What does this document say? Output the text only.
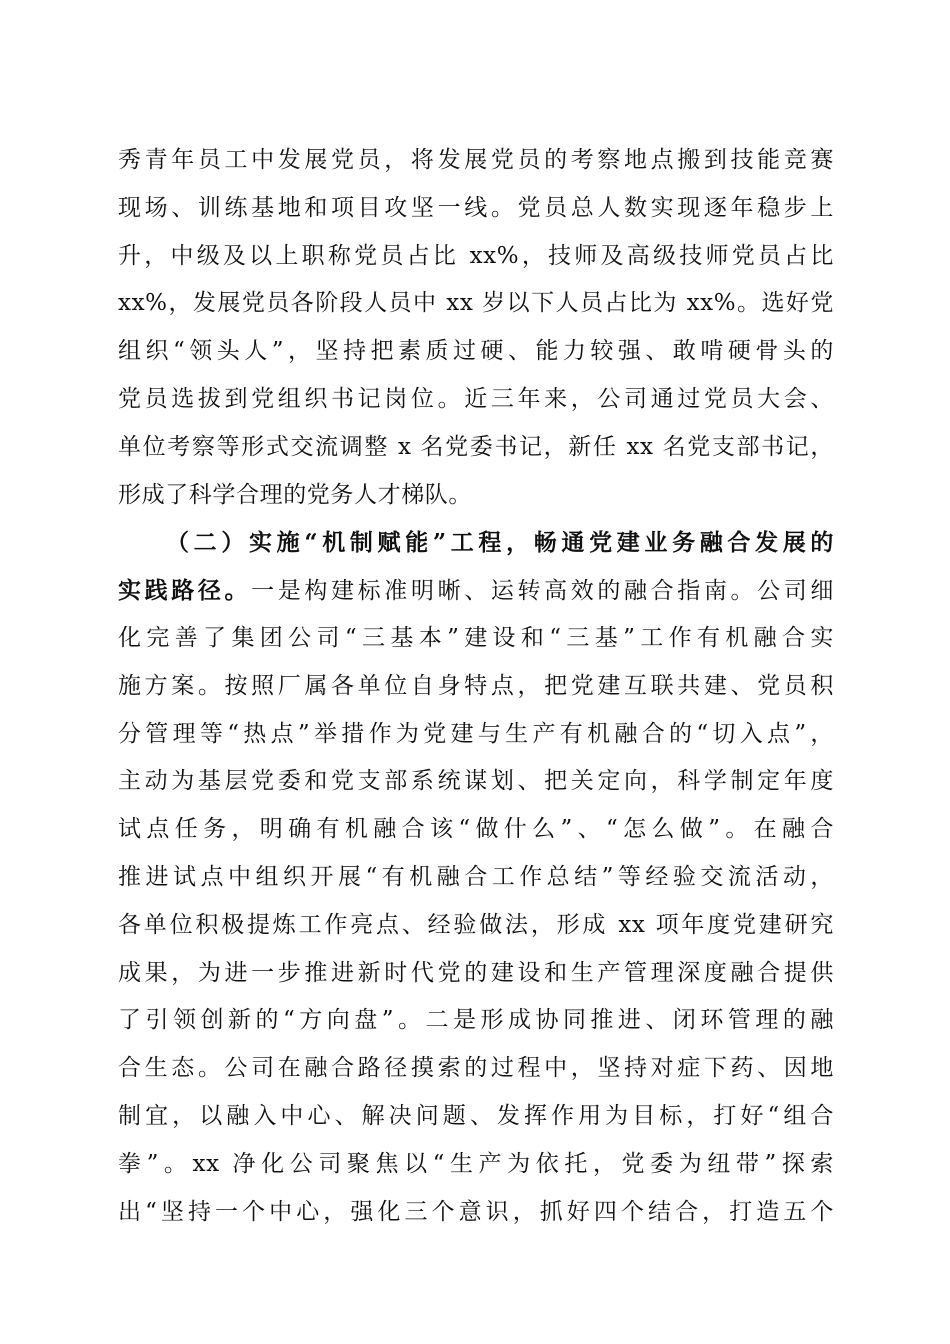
秀青年员工中发展党员，将发展党员的考察地点搬到技能竞赛
现场、训练基地和项目攻坚一线。党员总人数实现逐年稳步上
升，中级及以上职称党员占比 xx%，技师及高级技师党员占比
xx%，发展党员各阶段人员中 xx 岁以下人员占比为 xx%。选好党
组织“领头人”，坚持把素质过硬、能力较强、敢啃硬骨头的
党员选拔到党组织书记岗位。近三年来，公司通过党员大会、
单位考察等形式交流调整 x 名党委书记，新任 xx 名党支部书记，
形成了科学合理的党务人才梯队。
（二）实施“机制赋能”工程，畅通党建业务融合发展的
实践路径。一是构建标准明晰、运转高效的融合指南。公司细
化完善了集团公司“三基本”建设和“三基”工作有机融合实
施方案。按照厂属各单位自身特点，把党建互联共建、党员积
分管理等“热点”举措作为党建与生产有机融合的“切入点”，
主动为基层党委和党支部系统谋划、把关定向，科学制定年度
试点任务，明确有机融合该“做什么”、“怎么做”。在融合
推进试点中组织开展“有机融合工作总结”等经验交流活动，
各单位积极提炼工作亮点、经验做法，形成 xx 项年度党建研究
成果，为进一步推进新时代党的建设和生产管理深度融合提供
了引领创新的“方向盘”。二是形成协同推进、闭环管理的融
合生态。公司在融合路径摸索的过程中，坚持对症下药、因地
制宜，以融入中心、解决问题、发挥作用为目标，打好“组合
拳”。xx 净化公司聚焦以“生产为依托，党委为纽带”探索
出“坚持一个中心，强化三个意识，抓好四个结合，打造五个
